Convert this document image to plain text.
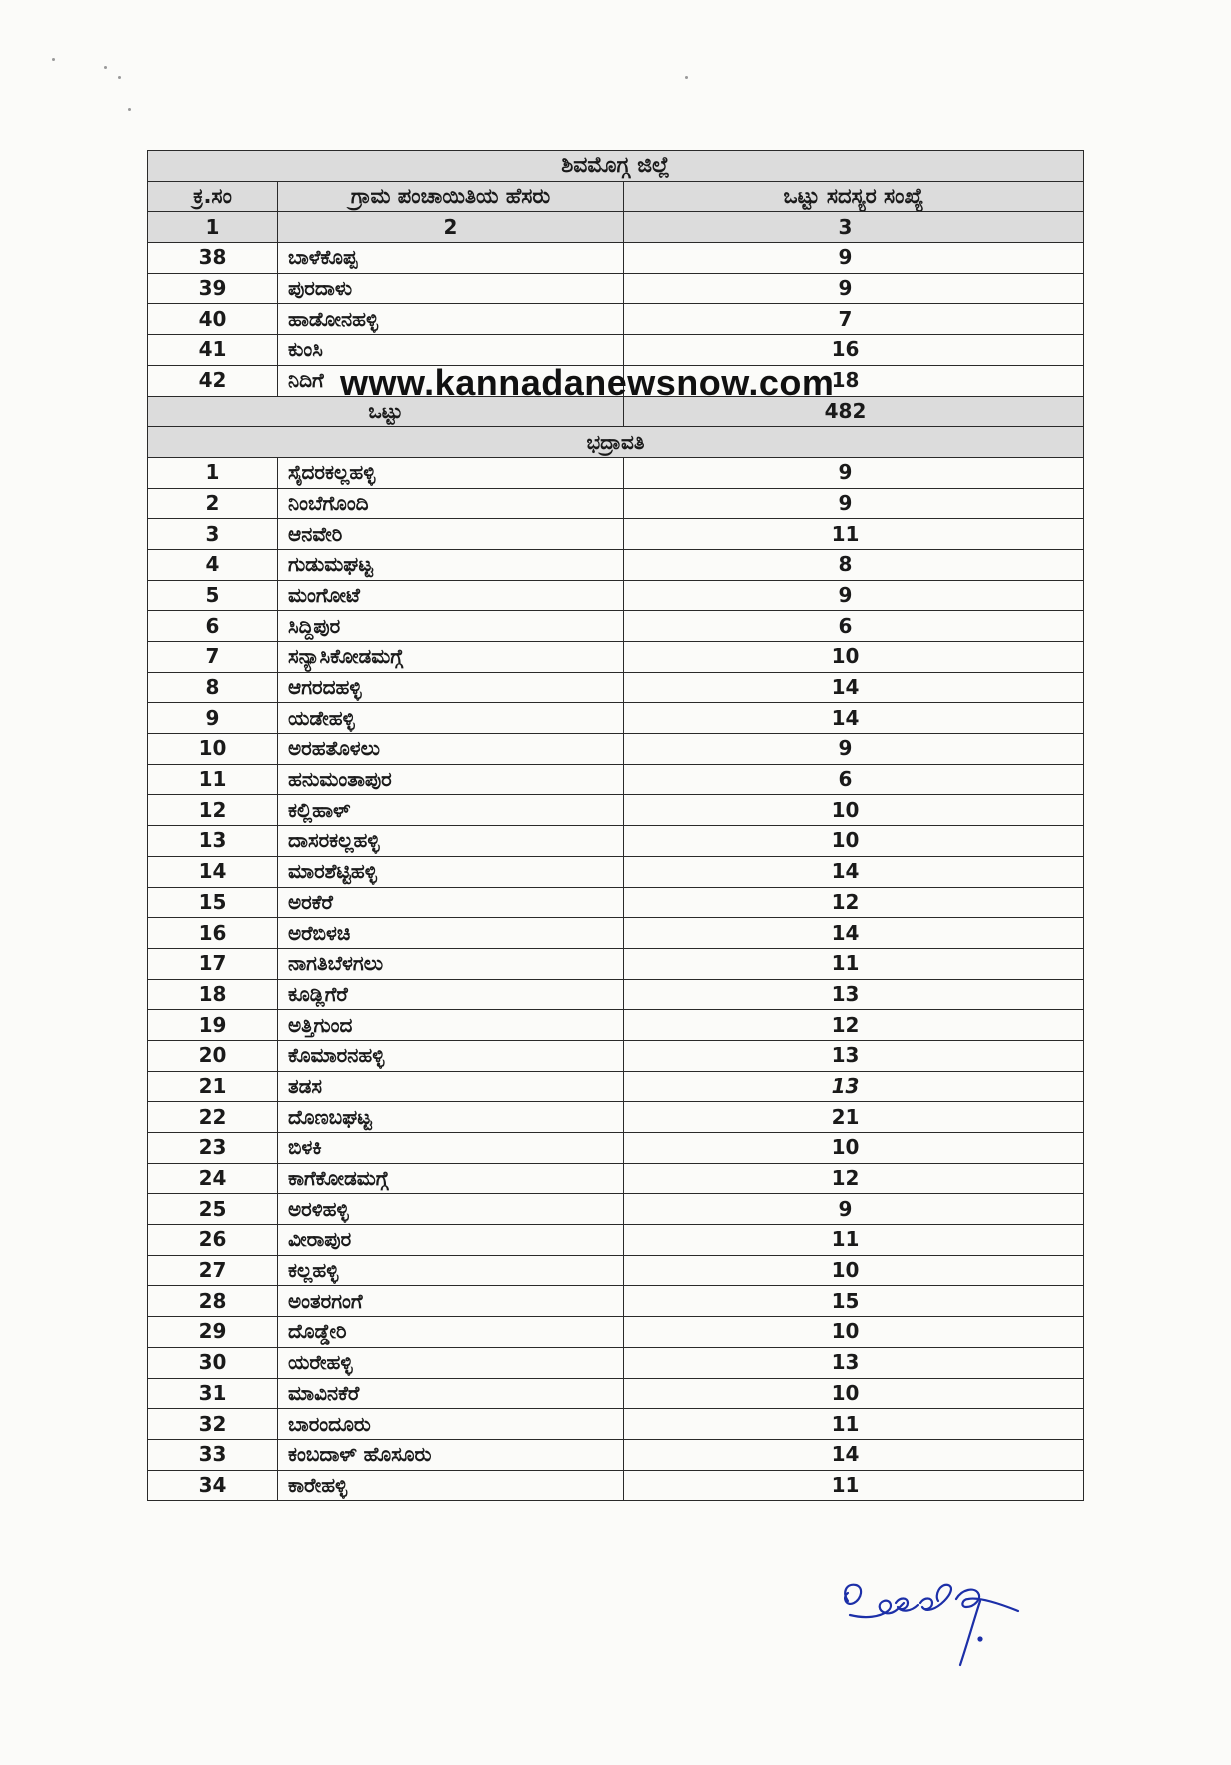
ಶಿವಮೊಗ್ಗ ಜಿಲ್ಲೆ		
ಕ್ರ.ಸಂ	ಗ್ರಾಮ ಪಂಚಾಯಿತಿಯ ಹೆಸರು	ಒಟ್ಟು ಸದಸ್ಯರ ಸಂಖ್ಯೆ
1	2	3
38	ಬಾಳೆಕೊಪ್ಪ	9
39	ಪುರದಾಳು	9
40	ಹಾಡೋನಹಳ್ಳಿ	7
41	ಕುಂಸಿ	16
42	ನಿದಿಗೆ	18
ಒಟ್ಟು		482
ಭದ್ರಾವತಿ		
1	ಸೈದರಕಲ್ಲಹಳ್ಳಿ	9
2	ನಿಂಬೆಗೊಂದಿ	9
3	ಆನವೇರಿ	11
4	ಗುಡುಮಘಟ್ಟ	8
5	ಮಂಗೋಟೆ	9
6	ಸಿದ್ದಿಪುರ	6
7	ಸನ್ಯಾಸಿಕೋಡಮಗ್ಗೆ	10
8	ಆಗರದಹಳ್ಳಿ	14
9	ಯಡೇಹಳ್ಳಿ	14
10	ಅರಹತೊಳಲು	9
11	ಹನುಮಂತಾಪುರ	6
12	ಕಲ್ಲಿಹಾಳ್	10
13	ದಾಸರಕಲ್ಲಹಳ್ಳಿ	10
14	ಮಾರಶೆಟ್ಟಿಹಳ್ಳಿ	14
15	ಅರಕೆರೆ	12
16	ಅರೆಬಿಳಚಿ	14
17	ನಾಗತಿಬೆಳಗಲು	11
18	ಕೂಡ್ಲಿಗೆರೆ	13
19	ಅತ್ತಿಗುಂದ	12
20	ಕೊಮಾರನಹಳ್ಳಿ	13
21	ತಡಸ	13
22	ದೊಣಬಘಟ್ಟ	21
23	ಬಿಳಕಿ	10
24	ಕಾಗೆಕೋಡಮಗ್ಗೆ	12
25	ಅರಳಿಹಳ್ಳಿ	9
26	ವೀರಾಪುರ	11
27	ಕಲ್ಲಹಳ್ಳಿ	10
28	ಅಂತರಗಂಗೆ	15
29	ದೊಡ್ಡೇರಿ	10
30	ಯರೇಹಳ್ಳಿ	13
31	ಮಾವಿನಕೆರೆ	10
32	ಬಾರಂದೂರು	11
33	ಕಂಬದಾಳ್ ಹೊಸೂರು	14
34	ಕಾರೇಹಳ್ಳಿ	11
www.kannadanewsnow.com
